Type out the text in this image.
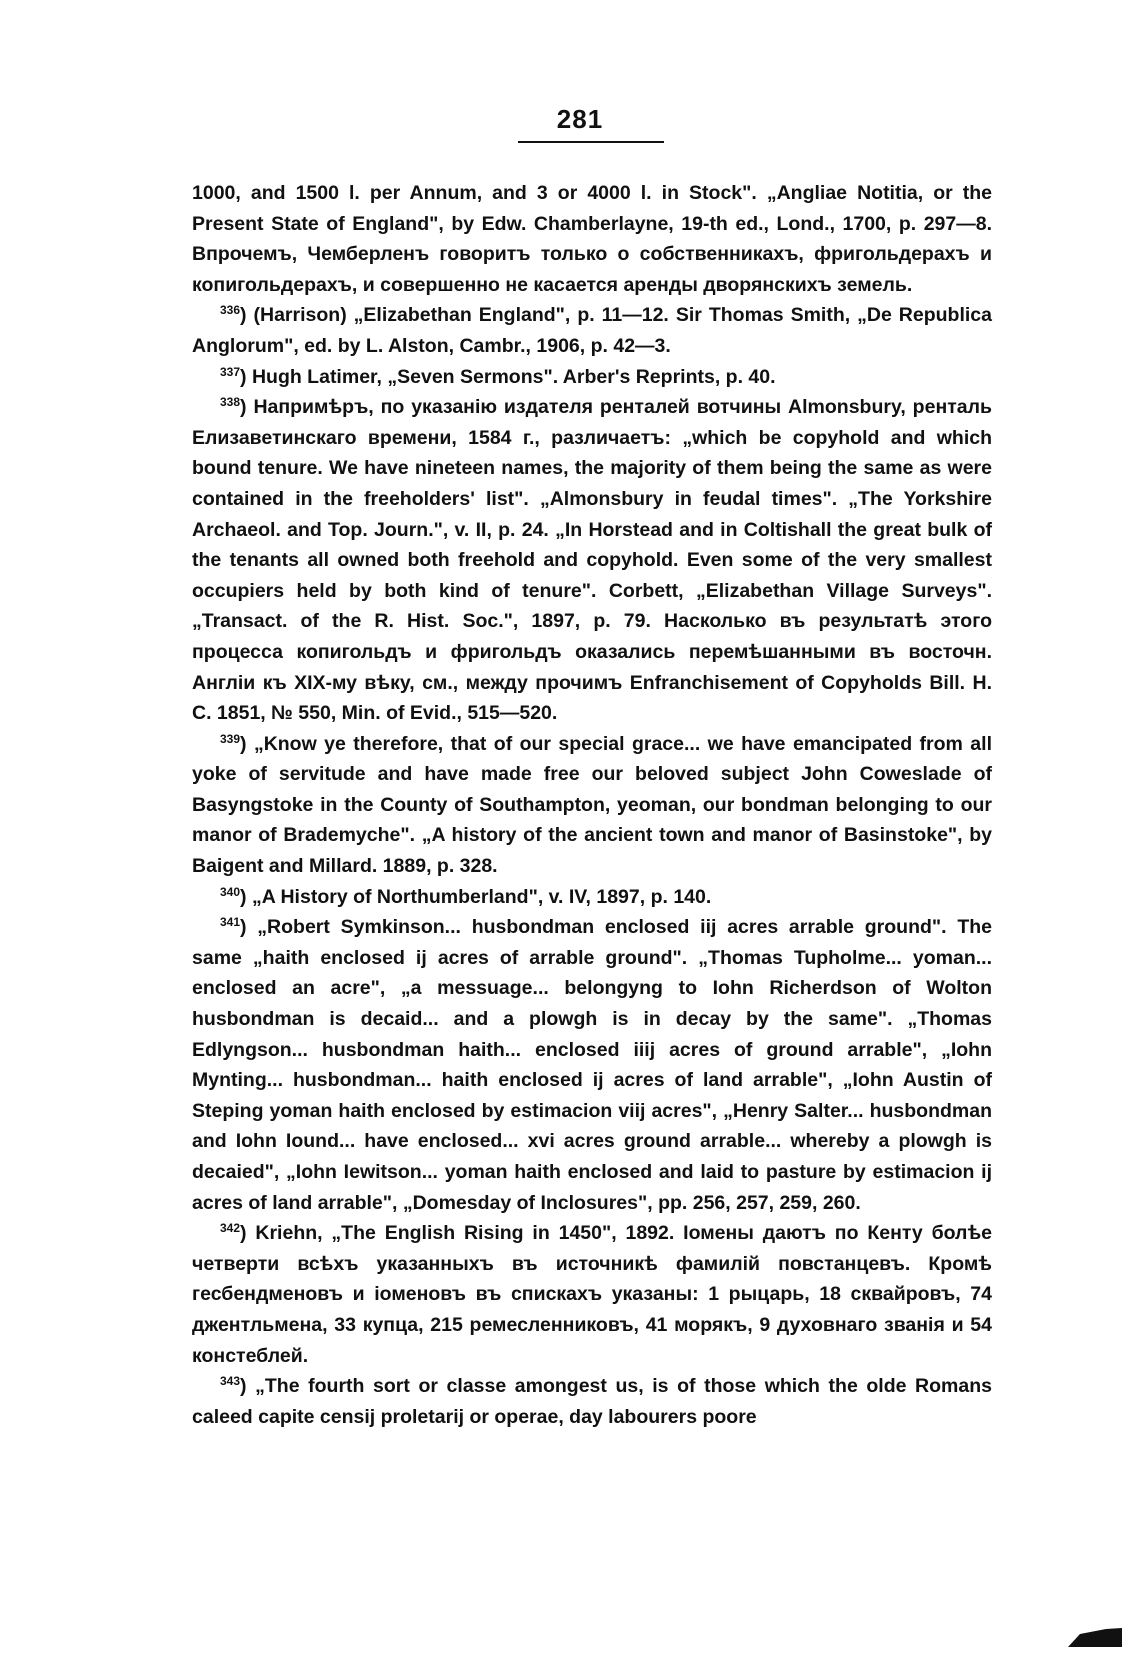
281

1000, and 1500 l. per Annum, and 3 or 4000 l. in Stock". „Angliae Notitia, or the Present State of England", by Edw. Chamberlayne, 19-th ed., Lond., 1700, p. 297—8. Впрочемъ, Чемберленъ говоритъ только о собственникахъ, фригольдерахъ и копигольдерахъ, и совершенно не касается аренды дворянскихъ земель.

$^{336}$) (Harrison) „Elizabethan England", p. 11—12. Sir Thomas Smith, „De Republica Anglorum", ed. by L. Alston, Cambr., 1906, p. 42—3.

$^{337}$) Hugh Latimer, „Seven Sermons". Arber's Reprints, p. 40.

$^{338}$) Напримѣръ, по указанію издателя ренталей вотчины Almonsbury, ренталь Елизаветинскаго времени, 1584 г., различаетъ: „which be copyhold and which bound tenure. We have nineteen names, the majority of them being the same as were contained in the freeholders' list". „Almonsbury in feudal times". „The Yorkshire Archaeol. and Top. Journ.", v. II, p. 24. „In Horstead and in Coltishall the great bulk of the tenants all owned both freehold and copyhold. Even some of the very smallest occupiers held by both kind of tenure". Corbett, „Elizabethan Village Surveys". „Transact. of the R. Hist. Soc.", 1897, p. 79. Насколько въ результатѣ этого процесса копигольдъ и фригольдъ оказались перемѣшанными въ восточн. Англіи къ XIX-му вѣку, см., между прочимъ Enfranchisement of Copyholds Bill. H. C. 1851, № 550, Min. of Evid., 515—520.

$^{339}$) „Know ye therefore, that of our special grace... we have emancipated from all yoke of servitude and have made free our beloved subject John Coweslade of Basyngstoke in the County of Southampton, yeoman, our bondman belonging to our manor of Brademyche". „A history of the ancient town and manor of Basinstoke", by Baigent and Millard. 1889, p. 328.

$^{340}$) „A History of Northumberland", v. IV, 1897, p. 140.

$^{341}$) „Robert Symkinson... husbondman enclosed iij acres arrable ground". The same „haith enclosed ij acres of arrable ground". „Thomas Tupholme... yoman... enclosed an acre", „a messuage... belongyng to Iohn Richerdson of Wolton husbondman is decaid... and a plowgh is in decay by the same". „Thomas Edlyngson... husbondman haith... enclosed iiij acres of ground arrable", „Iohn Mynting... husbondman... haith enclosed ij acres of land arrable", „Iohn Austin of Steping yoman haith enclosed by estimacion viij acres", „Henry Salter... husbondman and Iohn Iound... have enclosed... xvi acres ground arrable... whereby a plowgh is decaied", „Iohn Iewitson... yoman haith enclosed and laid to pasture by estimacion ij acres of land arrable", „Domesday of Inclosures", pp. 256, 257, 259, 260.

$^{342}$) Kriehn, „The English Rising in 1450", 1892. Іомены даютъ по Кенту болѣе четверти всѣхъ указанныхъ въ источникѣ фамилій повстанцевъ. Кромѣ гесбендменовъ и іоменовъ въ спискахъ указаны: 1 рыцарь, 18 сквайровъ, 74 джентльмена, 33 купца, 215 ремесленниковъ, 41 морякъ, 9 духовнаго званія и 54 констеблей.

$^{343}$) „The fourth sort or classe amongest us, is of those which the olde Romans caleed capite censij proletarij or operae, day labourers poore
